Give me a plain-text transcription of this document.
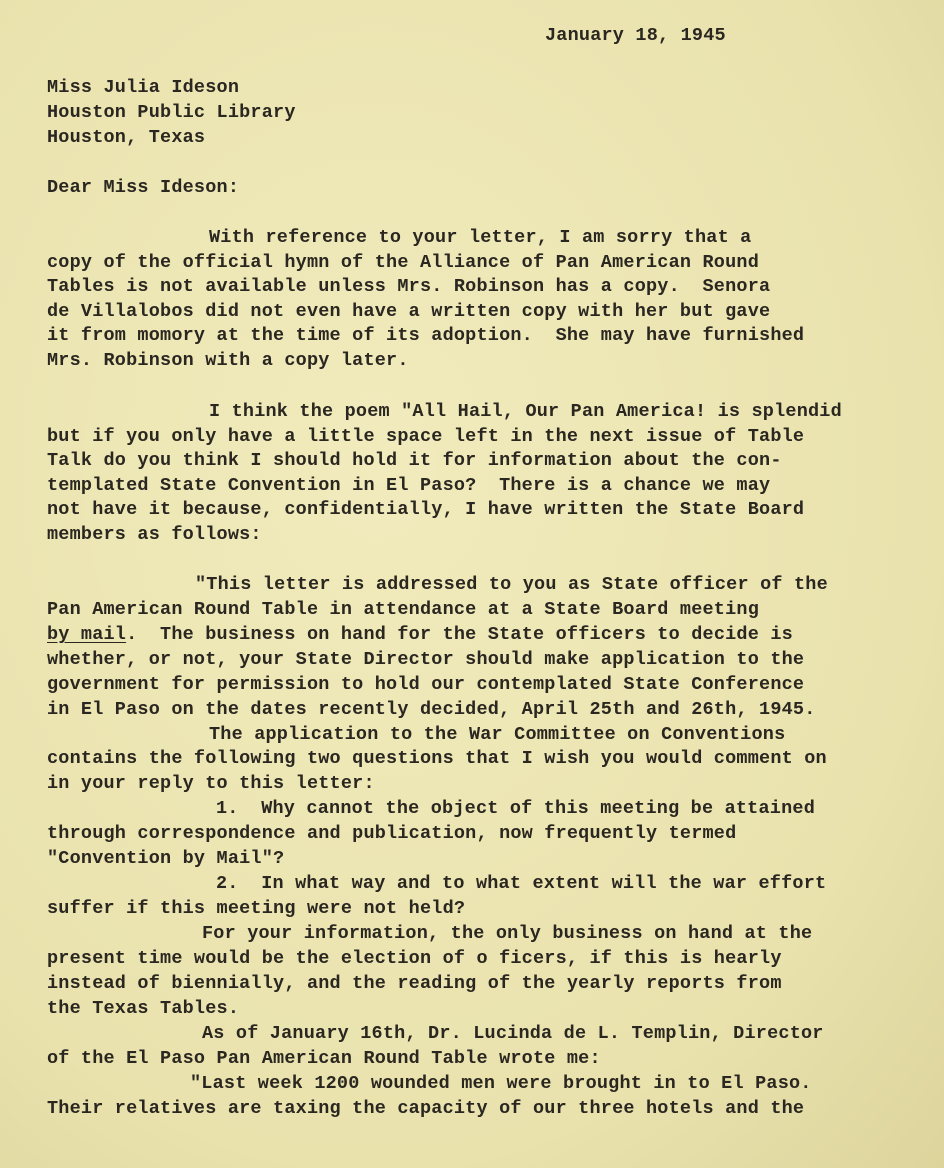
January 18, 1945
Miss Julia Ideson
Houston Public Library
Houston, Texas
Dear Miss Ideson:
With reference to your letter, I am sorry that a
copy of the official hymn of the Alliance of Pan American Round
Tables is not available unless Mrs. Robinson has a copy.  Senora
de Villalobos did not even have a written copy with her but gave
it from momory at the time of its adoption.  She may have furnished
Mrs. Robinson with a copy later.
I think the poem "All Hail, Our Pan America! is splendid
but if you only have a little space left in the next issue of Table
Talk do you think I should hold it for information about the con-
templated State Convention in El Paso?  There is a chance we may
not have it because, confidentially, I have written the State Board
members as follows:
"This letter is addressed to you as State officer of the
Pan American Round Table in attendance at a State Board meeting
by mail.  The business on hand for the State officers to decide is
whether, or not, your State Director should make application to the
government for permission to hold our contemplated State Conference
in El Paso on the dates recently decided, April 25th and 26th, 1945.
The application to the War Committee on Conventions
contains the following two questions that I wish you would comment on
in your reply to this letter:
1.  Why cannot the object of this meeting be attained
through correspondence and publication, now frequently termed
"Convention by Mail"?
2.  In what way and to what extent will the war effort
suffer if this meeting were not held?
For your information, the only business on hand at the
present time would be the election of o ficers, if this is hearly
instead of biennially, and the reading of the yearly reports from
the Texas Tables.
As of January 16th, Dr. Lucinda de L. Templin, Director
of the El Paso Pan American Round Table wrote me:
"Last week 1200 wounded men were brought in to El Paso.
Their relatives are taxing the capacity of our three hotels and the
